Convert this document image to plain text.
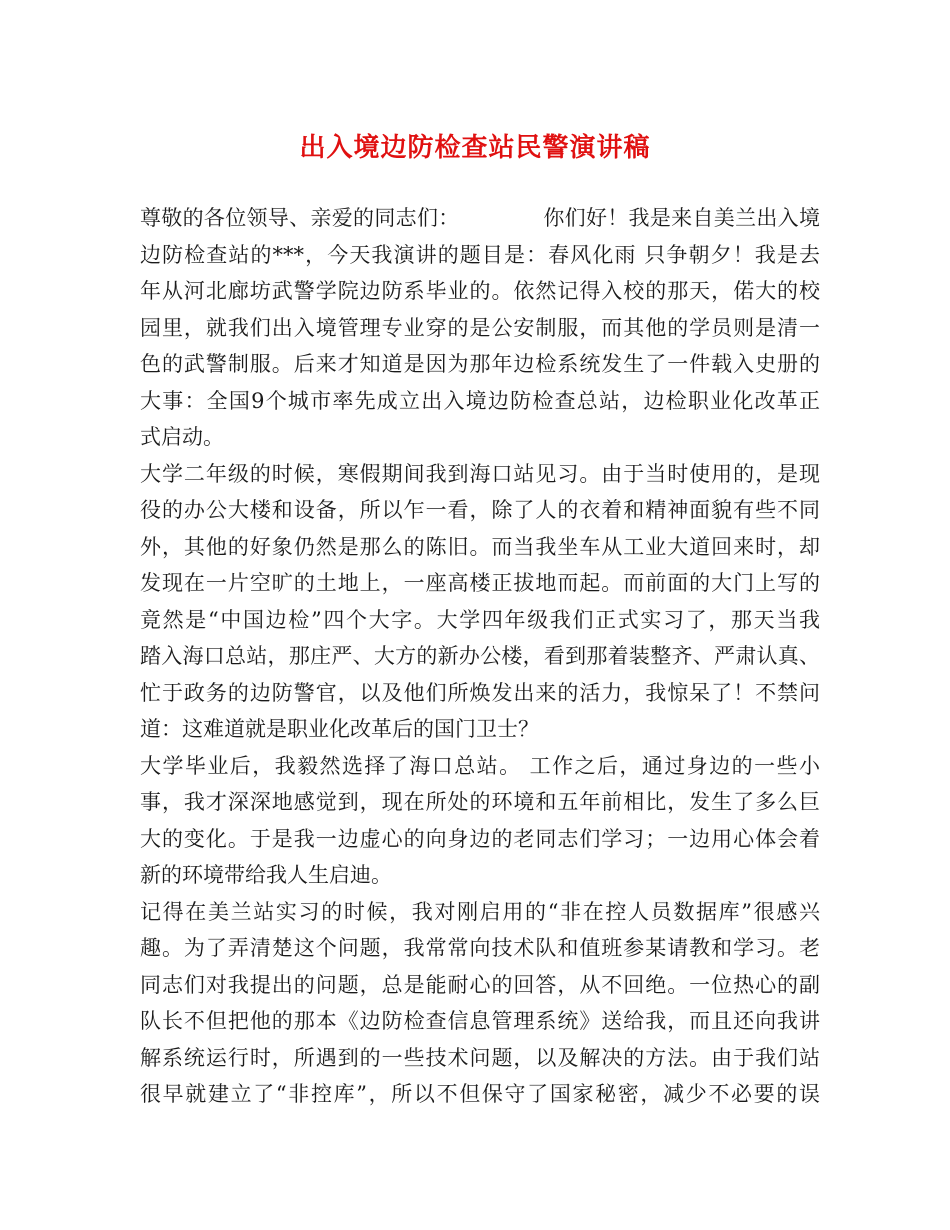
出入境边防检查站民警演讲稿
尊敬的各位领导、亲爱的同志们：            你们好！我是来自美兰出入境
边防检查站的***，今天我演讲的题目是：春风化雨 只争朝夕！我是去
年从河北廊坊武警学院边防系毕业的。依然记得入校的那天，偌大的校
园里，就我们出入境管理专业穿的是公安制服，而其他的学员则是清一
色的武警制服。后来才知道是因为那年边检系统发生了一件载入史册的
大事：全国9个城市率先成立出入境边防检查总站，边检职业化改革正
式启动。
大学二年级的时候，寒假期间我到海口站见习。由于当时使用的，是现
役的办公大楼和设备，所以乍一看，除了人的衣着和精神面貌有些不同
外，其他的好象仍然是那么的陈旧。而当我坐车从工业大道回来时，却
发现在一片空旷的土地上，一座高楼正拔地而起。而前面的大门上写的
竟然是“中国边检”四个大字。大学四年级我们正式实习了，那天当我
踏入海口总站，那庄严、大方的新办公楼，看到那着装整齐、严肃认真、
忙于政务的边防警官，以及他们所焕发出来的活力，我惊呆了！不禁问
道：这难道就是职业化改革后的国门卫士？
大学毕业后，我毅然选择了海口总站。 工作之后，通过身边的一些小
事，我才深深地感觉到，现在所处的环境和五年前相比，发生了多么巨
大的变化。于是我一边虚心的向身边的老同志们学习；一边用心体会着
新的环境带给我人生启迪。
记得在美兰站实习的时候，我对刚启用的“非在控人员数据库”很感兴
趣。为了弄清楚这个问题，我常常向技术队和值班参某请教和学习。老
同志们对我提出的问题，总是能耐心的回答，从不回绝。一位热心的副
队长不但把他的那本《边防检查信息管理系统》送给我，而且还向我讲
解系统运行时，所遇到的一些技术问题，以及解决的方法。由于我们站
很早就建立了“非控库”，所以不但保守了国家秘密，减少不必要的误
